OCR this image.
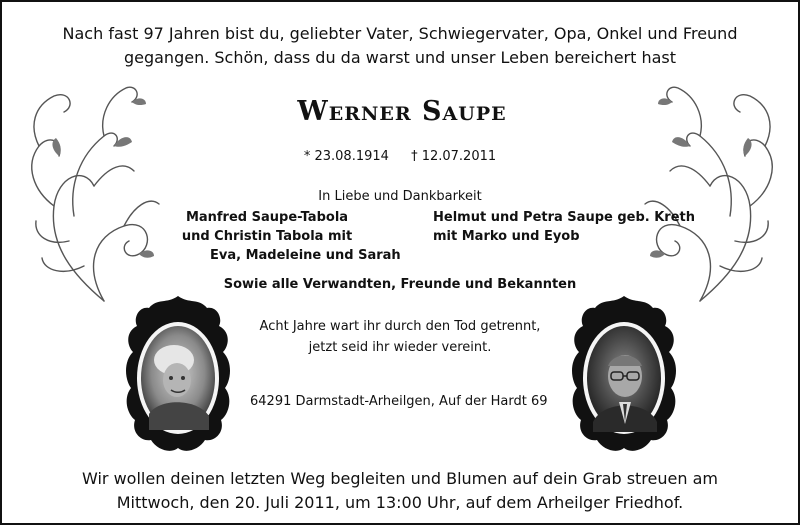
Nach fast 97 Jahren bist du, geliebter Vater, Schwiegervater, Opa, Onkel und Freund
gegangen. Schön, dass du da warst und unser Leben bereichert hast
Werner Saupe
* 23.08.1914 † 12.07.2011
In Liebe und Dankbarkeit
Manfred Saupe-Tabola
und Christin Tabola mit
Eva, Madeleine und Sarah
Helmut und Petra Saupe geb. Kreth
mit Marko und Eyob
Sowie alle Verwandten, Freunde und Bekannten
Acht Jahre wart ihr durch den Tod getrennt,
jetzt seid ihr wieder vereint.
64291 Darmstadt-Arheilgen, Auf der Hardt 69
Wir wollen deinen letzten Weg begleiten und Blumen auf dein Grab streuen am
Mittwoch, den 20. Juli 2011, um 13:00 Uhr, auf dem Arheilger Friedhof.
